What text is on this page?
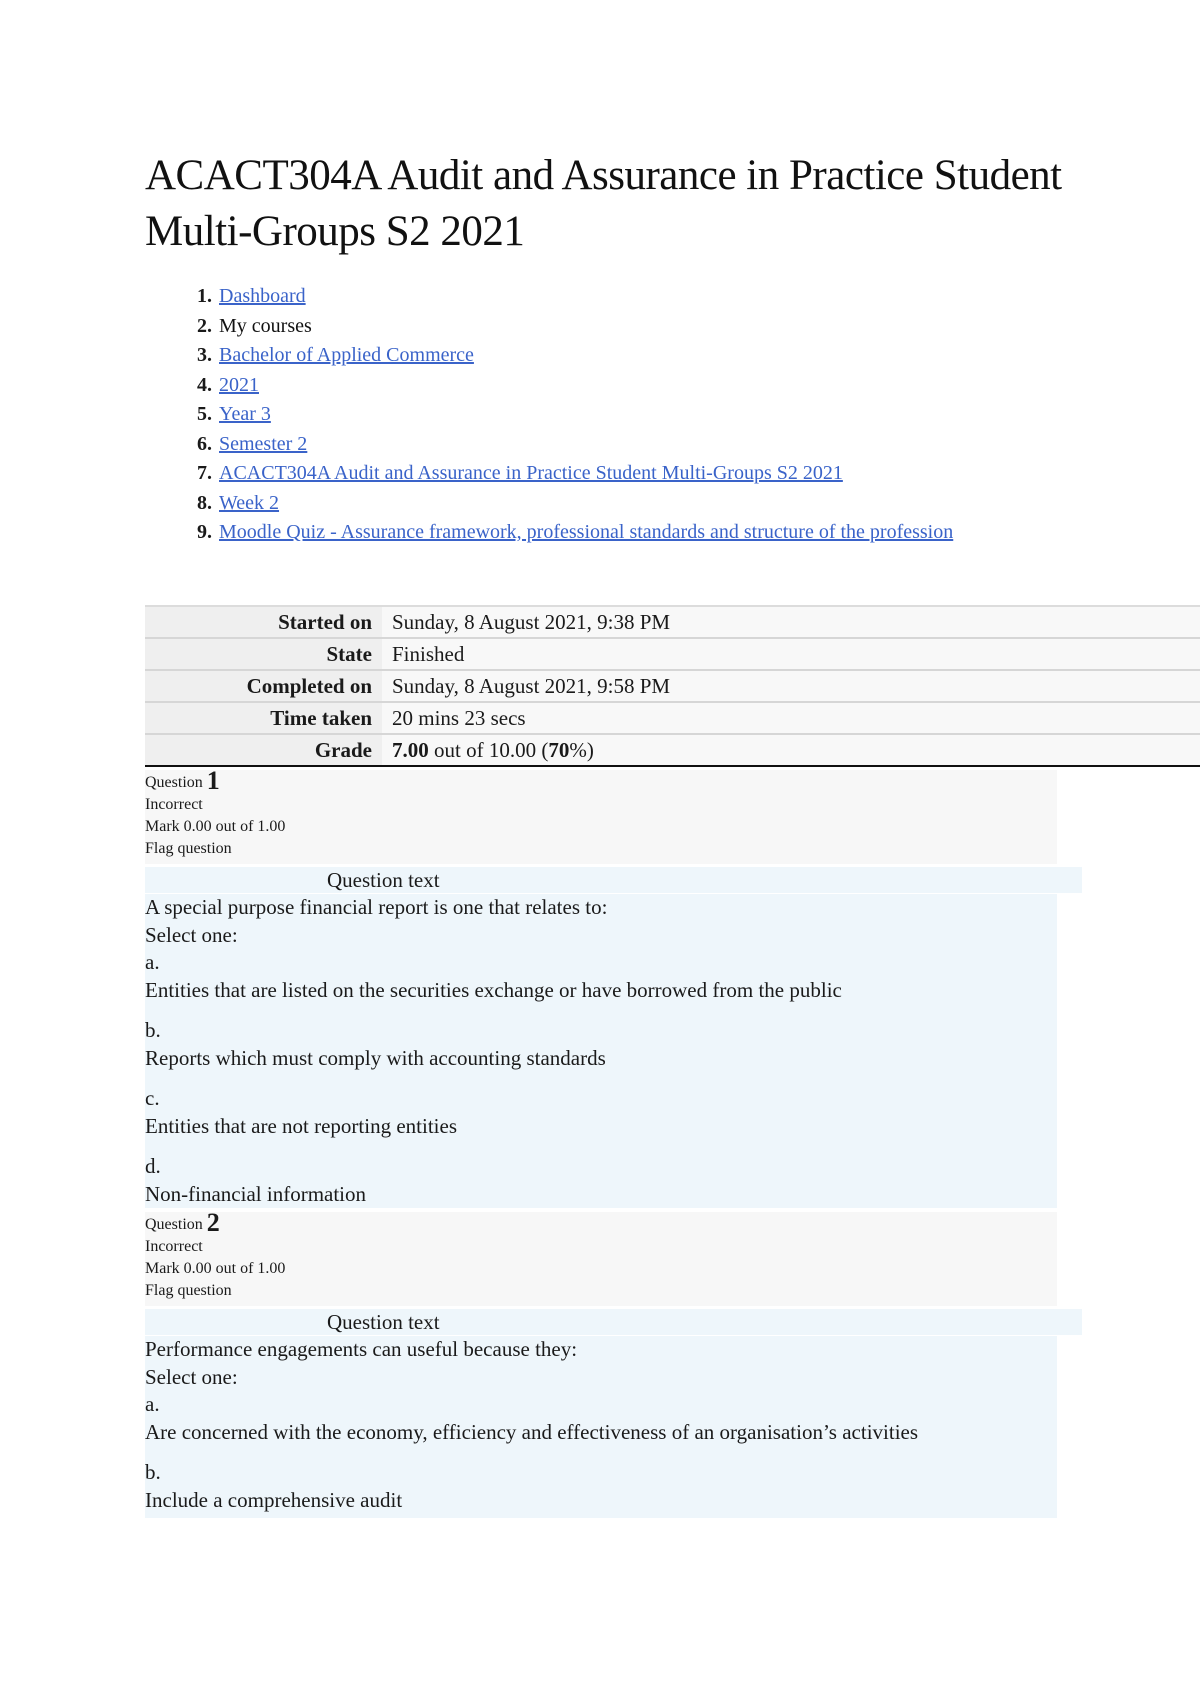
ACACT304A Audit and Assurance in Practice Student Multi-Groups S2 2021
1. Dashboard
2. My courses
3. Bachelor of Applied Commerce
4. 2021
5. Year 3
6. Semester 2
7. ACACT304A Audit and Assurance in Practice Student Multi-Groups S2 2021
8. Week 2
9. Moodle Quiz - Assurance framework, professional standards and structure of the profession
Started on	Sunday, 8 August 2021, 9:38 PM
State	Finished
Completed on	Sunday, 8 August 2021, 9:58 PM
Time taken	20 mins 23 secs
Grade	7.00 out of 10.00 (70%)

Question 1

Incorrect

Mark 0.00 out of 1.00

Flag question

Question text

A special purpose financial report is one that relates to:

Select one:

a.

Entities that are listed on the securities exchange or have borrowed from the public

b.

Reports which must comply with accounting standards

c.

Entities that are not reporting entities

d.

Non-financial information

Question 2

Incorrect

Mark 0.00 out of 1.00

Flag question

Question text

Performance engagements can useful because they:

Select one:

a.

Are concerned with the economy, efficiency and effectiveness of an organisation’s activities

b.

Include a comprehensive audit
